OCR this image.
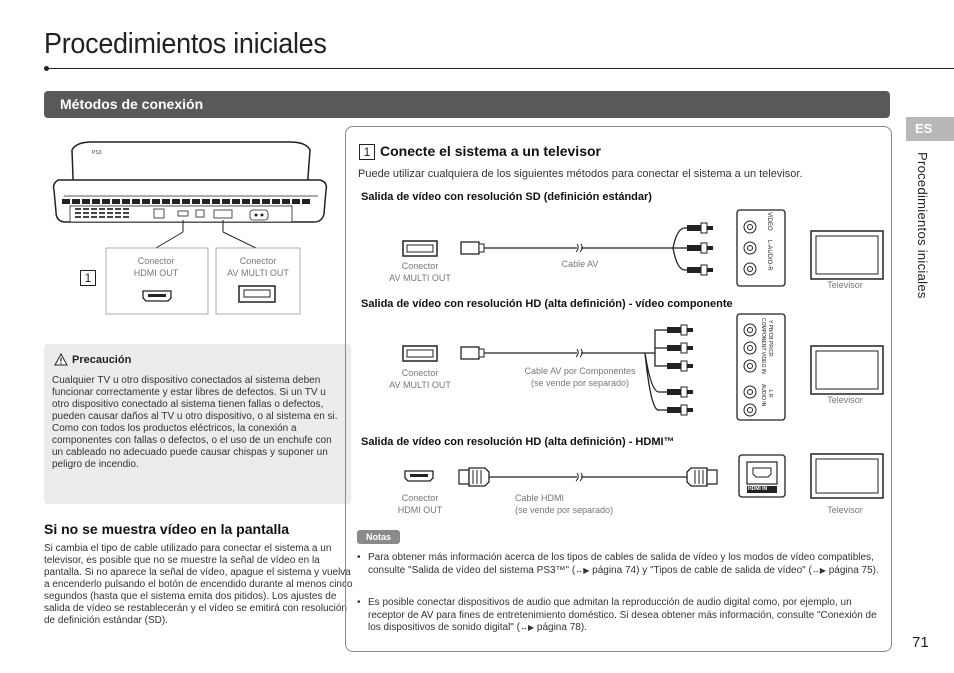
Procedimientos iniciales
Métodos de conexión
ES
Procedimientos iniciales
71
PS3
1
Conector
HDMI OUT
Conector
AV MULTI OUT
Precaución
Cualquier TV u otro dispositivo conectados al sistema deben funcionar correctamente y estar libres de defectos. Si un TV u otro dispositivo conectado al sistema tienen fallas o defectos, pueden causar daños al TV u otro dispositivo, o al sistema en si. Como con todos los productos eléctricos, la conexión a componentes con fallas o defectos, o el uso de un enchufe con un cableado no adecuado puede causar chispas y suponer un peligro de incendio.
Si no se muestra vídeo en la pantalla
Si cambia el tipo de cable utilizado para conectar el sistema a un televisor, es posible que no se muestre la señal de vídeo en la pantalla. Si no aparece la señal de vídeo, apague el sistema y vuelva a encenderlo pulsando el botón de encendido durante al menos cinco segundos (hasta que el sistema emita dos pitidos). Los ajustes de salida de vídeo se restablecerán y el vídeo se emitirá con resolución de definición estándar (SD).
1 Conecte el sistema a un televisor
Puede utilizar cualquiera de los siguientes métodos para conectar el sistema a un televisor.
Salida de vídeo con resolución SD (definición estándar)
VIDEO
L-AUDIO-R
Conector
AV MULTI OUT
Cable AV
Televisor
Salida de vídeo con resolución HD (alta definición) - vídeo componente
COMPONENT VIDEO IN Y PB/CB PR/CR
AUDIO IN L R
Conector
AV MULTI OUT
Cable AV por Componentes
(se vende por separado)
Televisor
Salida de vídeo con resolución HD (alta definición) - HDMI™
HDMI IN
Conector
HDMI OUT
Cable HDMI
(se vende por separado)	Televisor
Notas
• Para obtener más información acerca de los tipos de cables de salida de vídeo y los modos de vídeo compatibles, consulte "Salida de vídeo del sistema PS3™" (↔▶ página 74) y "Tipos de cable de salida de vídeo" (↔▶ página 75).
• Es posible conectar dispositivos de audio que admitan la reproducción de audio digital como, por ejemplo, un receptor de AV para fines de entretenimiento doméstico. Si desea obtener más información, consulte "Conexión de los dispositivos de sonido digital" (↔▶ página 78).
